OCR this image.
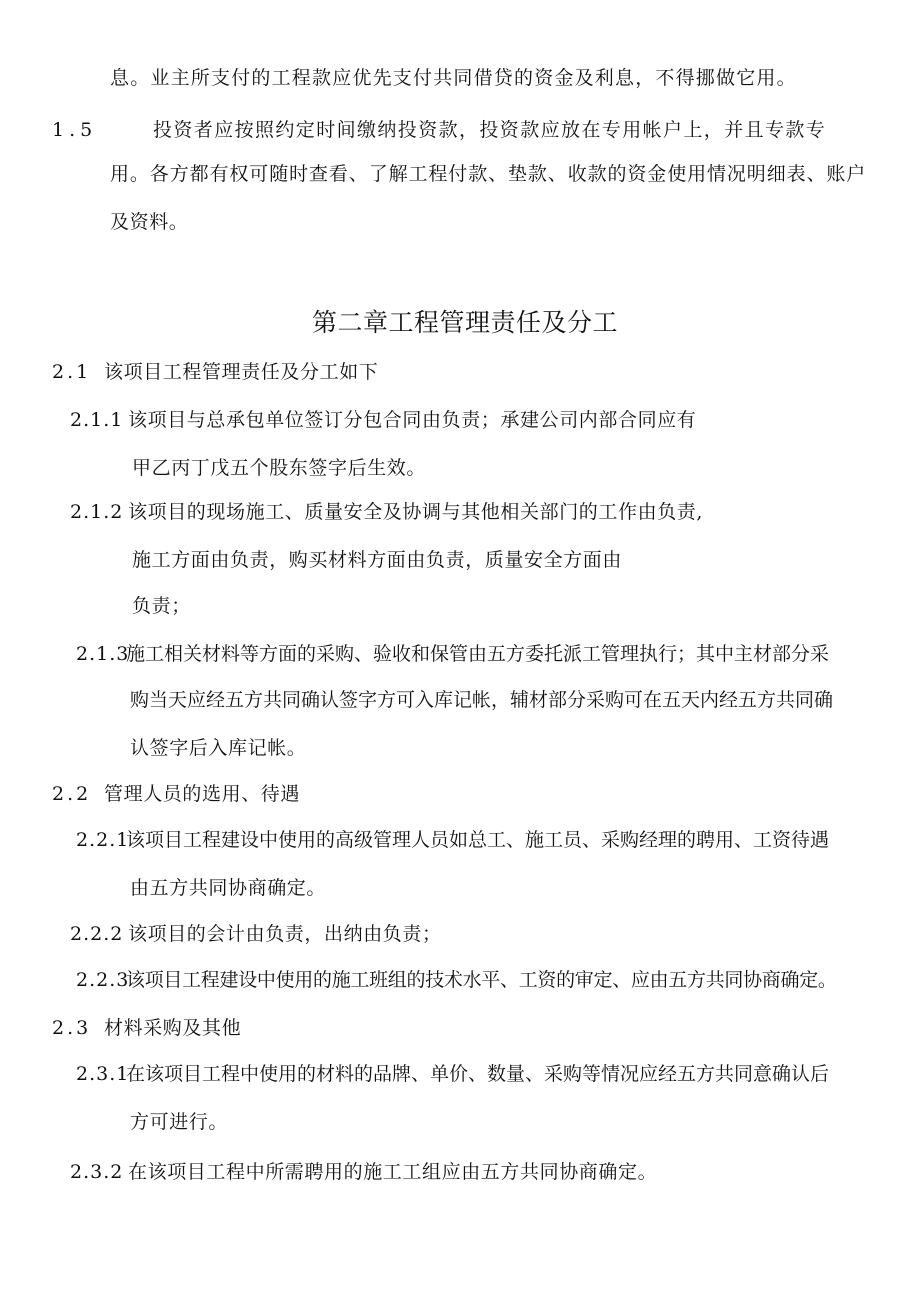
息。业主所支付的工程款应优先支付共同借贷的资金及利息，不得挪做它用。
1.5	投资者应按照约定时间缴纳投资款，投资款应放在专用帐户上，并且专款专
用。各方都有权可随时查看、了解工程付款、垫款、收款的资金使用情况明细表、账户
及资料。
第二章工程管理责任及分工
2.1 该项目工程管理责任及分工如下
2.1.1 该项目与总承包单位签订分包合同由负责；承建公司内部合同应有
甲乙丙丁戊五个股东签字后生效。
2.1.2 该项目的现场施工、质量安全及协调与其他相关部门的工作由负责,
施工方面由负责，购买材料方面由负责，质量安全方面由
负责；
2.1.3
施工相关材料等方面的采购、验收和保管由五方委托派工管理执行；其中主材部分采
购当天应经五方共同确认签字方可入库记帐，辅材部分采购可在五天内经五方共同确
认签字后入库记帐。
2.2 管理人员的选用、待遇
2.2.1
该项目工程建设中使用的高级管理人员如总工、施工员、采购经理的聘用、工资待遇
由五方共同协商确定。
2.2.2 该项目的会计由负责，出纳由负责；
2.2.3
该项目工程建设中使用的施工班组的技术水平、工资的审定、应由五方共同协商确定。
2.3 材料采购及其他
2.3.1
在该项目工程中使用的材料的品牌、单价、数量、采购等情况应经五方共同意确认后
方可进行。
2.3.2 在该项目工程中所需聘用的施工工组应由五方共同协商确定。
